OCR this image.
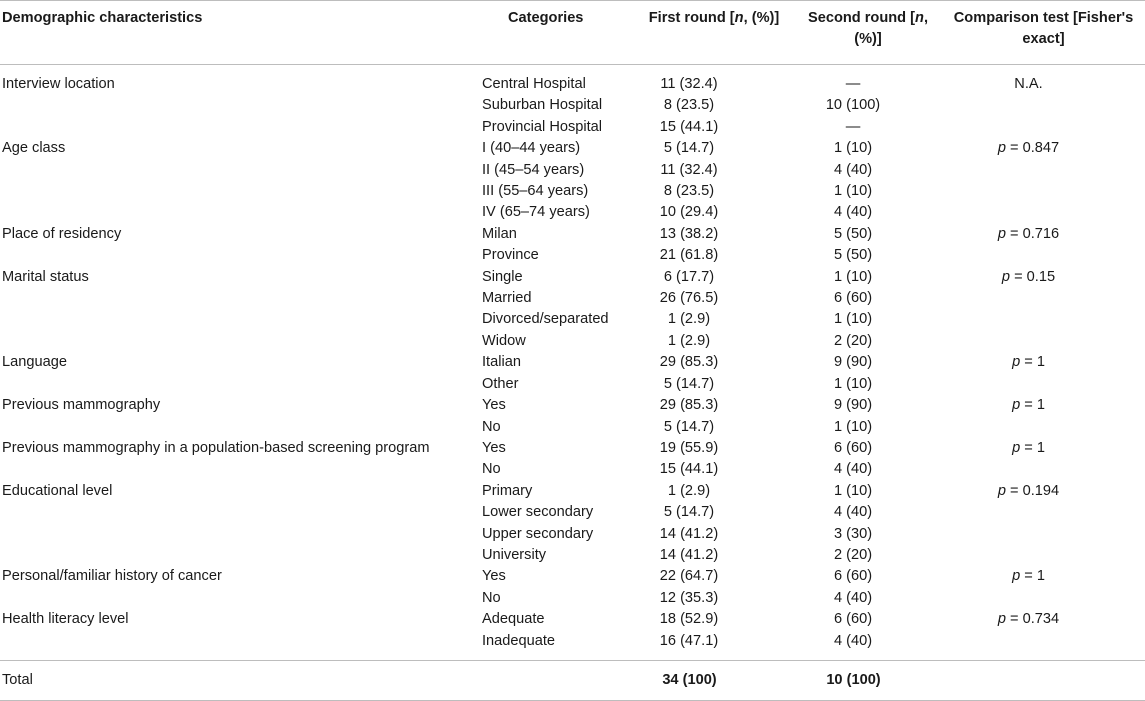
Demographic characteristics	Categories	First round [n, (%)]	Second round [n, (%)]	Comparison test [Fisher's exact]
Interview location	Central Hospital	11 (32.4)	—	N.A.
	Suburban Hospital	8 (23.5)	10 (100)	
	Provincial Hospital	15 (44.1)	—	
Age class	I (40–44 years)	5 (14.7)	1 (10)	p = 0.847
	II (45–54 years)	11 (32.4)	4 (40)	
	III (55–64 years)	8 (23.5)	1 (10)	
	IV (65–74 years)	10 (29.4)	4 (40)	
Place of residency	Milan	13 (38.2)	5 (50)	p = 0.716
	Province	21 (61.8)	5 (50)	
Marital status	Single	6 (17.7)	1 (10)	p = 0.15
	Married	26 (76.5)	6 (60)	
	Divorced/separated	1 (2.9)	1 (10)	
	Widow	1 (2.9)	2 (20)	
Language	Italian	29 (85.3)	9 (90)	p = 1
	Other	5 (14.7)	1 (10)	
Previous mammography	Yes	29 (85.3)	9 (90)	p = 1
	No	5 (14.7)	1 (10)	
Previous mammography in a population-based screening program	Yes	19 (55.9)	6 (60)	p = 1
	No	15 (44.1)	4 (40)	
Educational level	Primary	1 (2.9)	1 (10)	p = 0.194
	Lower secondary	5 (14.7)	4 (40)	
	Upper secondary	14 (41.2)	3 (30)	
	University	14 (41.2)	2 (20)	
Personal/familiar history of cancer	Yes	22 (64.7)	6 (60)	p = 1
	No	12 (35.3)	4 (40)	
Health literacy level	Adequate	18 (52.9)	6 (60)	p = 0.734
	Inadequate	16 (47.1)	4 (40)	
Total		34 (100)	10 (100)	
